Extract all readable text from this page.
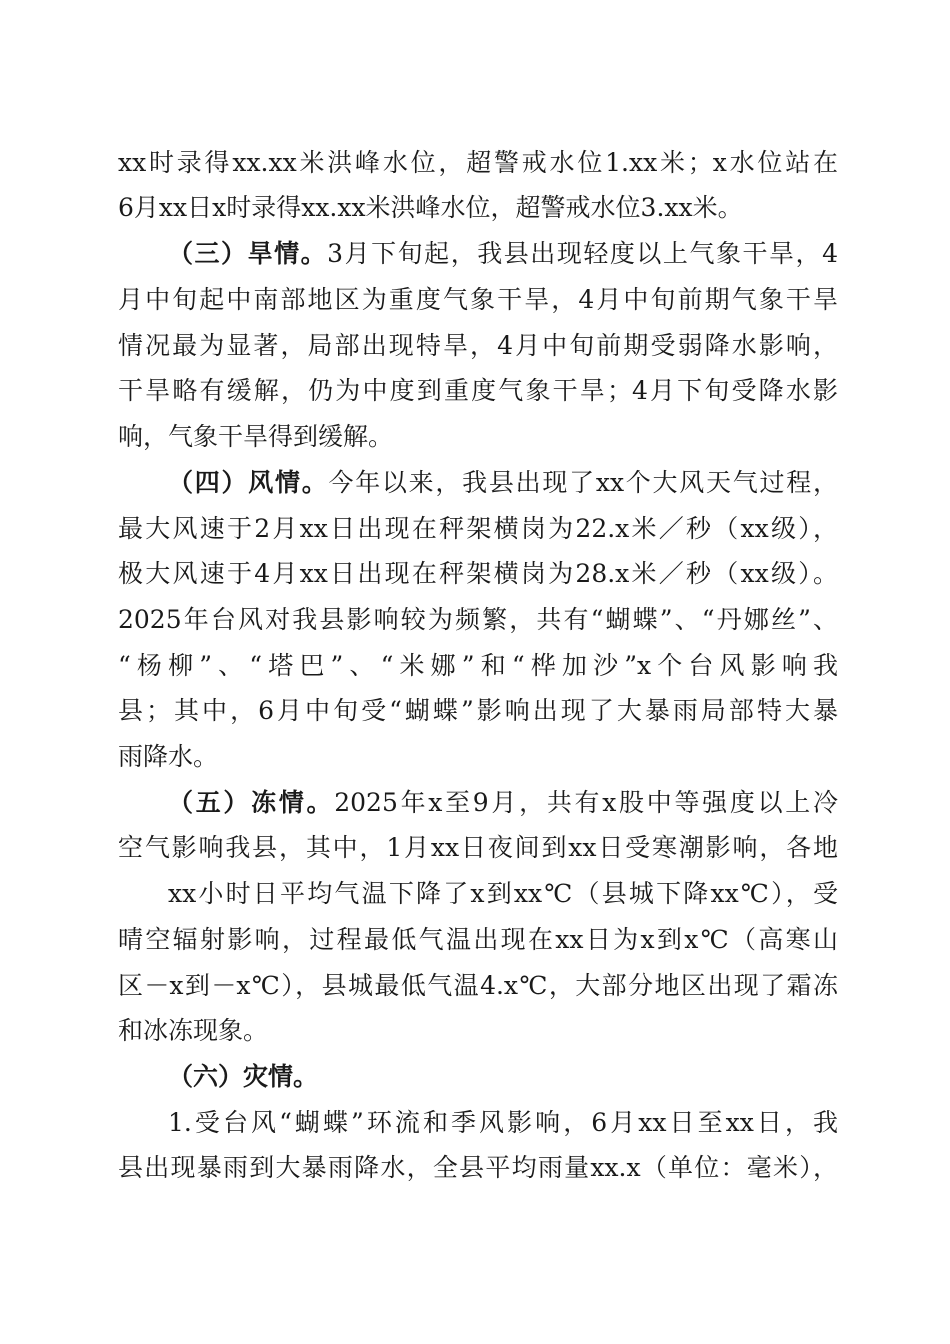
xx时录得xx.xx米洪峰水位，超警戒水位1.xx米；x水位站在

6月xx日x时录得xx.xx米洪峰水位，超警戒水位3.xx米。

（三）旱情。3月下旬起，我县出现轻度以上气象干旱，4

月中旬起中南部地区为重度气象干旱，4月中旬前期气象干旱

情况最为显著，局部出现特旱，4月中旬前期受弱降水影响，

干旱略有缓解，仍为中度到重度气象干旱；4月下旬受降水影

响，气象干旱得到缓解。

（四）风情。今年以来，我县出现了xx个大风天气过程，

最大风速于2月xx日出现在秤架横岗为22.x米／秒（xx级），

极大风速于4月xx日出现在秤架横岗为28.x米／秒（xx级）。

2025年台风对我县影响较为频繁，共有“蝴蝶”、“丹娜丝”、

“杨柳”、“塔巴”、“米娜”和“桦加沙”x个台风影响我

县；其中，6月中旬受“蝴蝶”影响出现了大暴雨局部特大暴

雨降水。

（五）冻情。2025年x至9月，共有x股中等强度以上冷

空气影响我县，其中，1月xx日夜间到xx日受寒潮影响，各地

xx小时日平均气温下降了x到xx℃（县城下降xx℃），受

晴空辐射影响，过程最低气温出现在xx日为x到x℃（高寒山

区－x到－x℃），县城最低气温4.x℃，大部分地区出现了霜冻

和冰冻现象。

（六）灾情。

1.受台风“蝴蝶”环流和季风影响，6月xx日至xx日，我

县出现暴雨到大暴雨降水，全县平均雨量xx.x（单位：毫米），
